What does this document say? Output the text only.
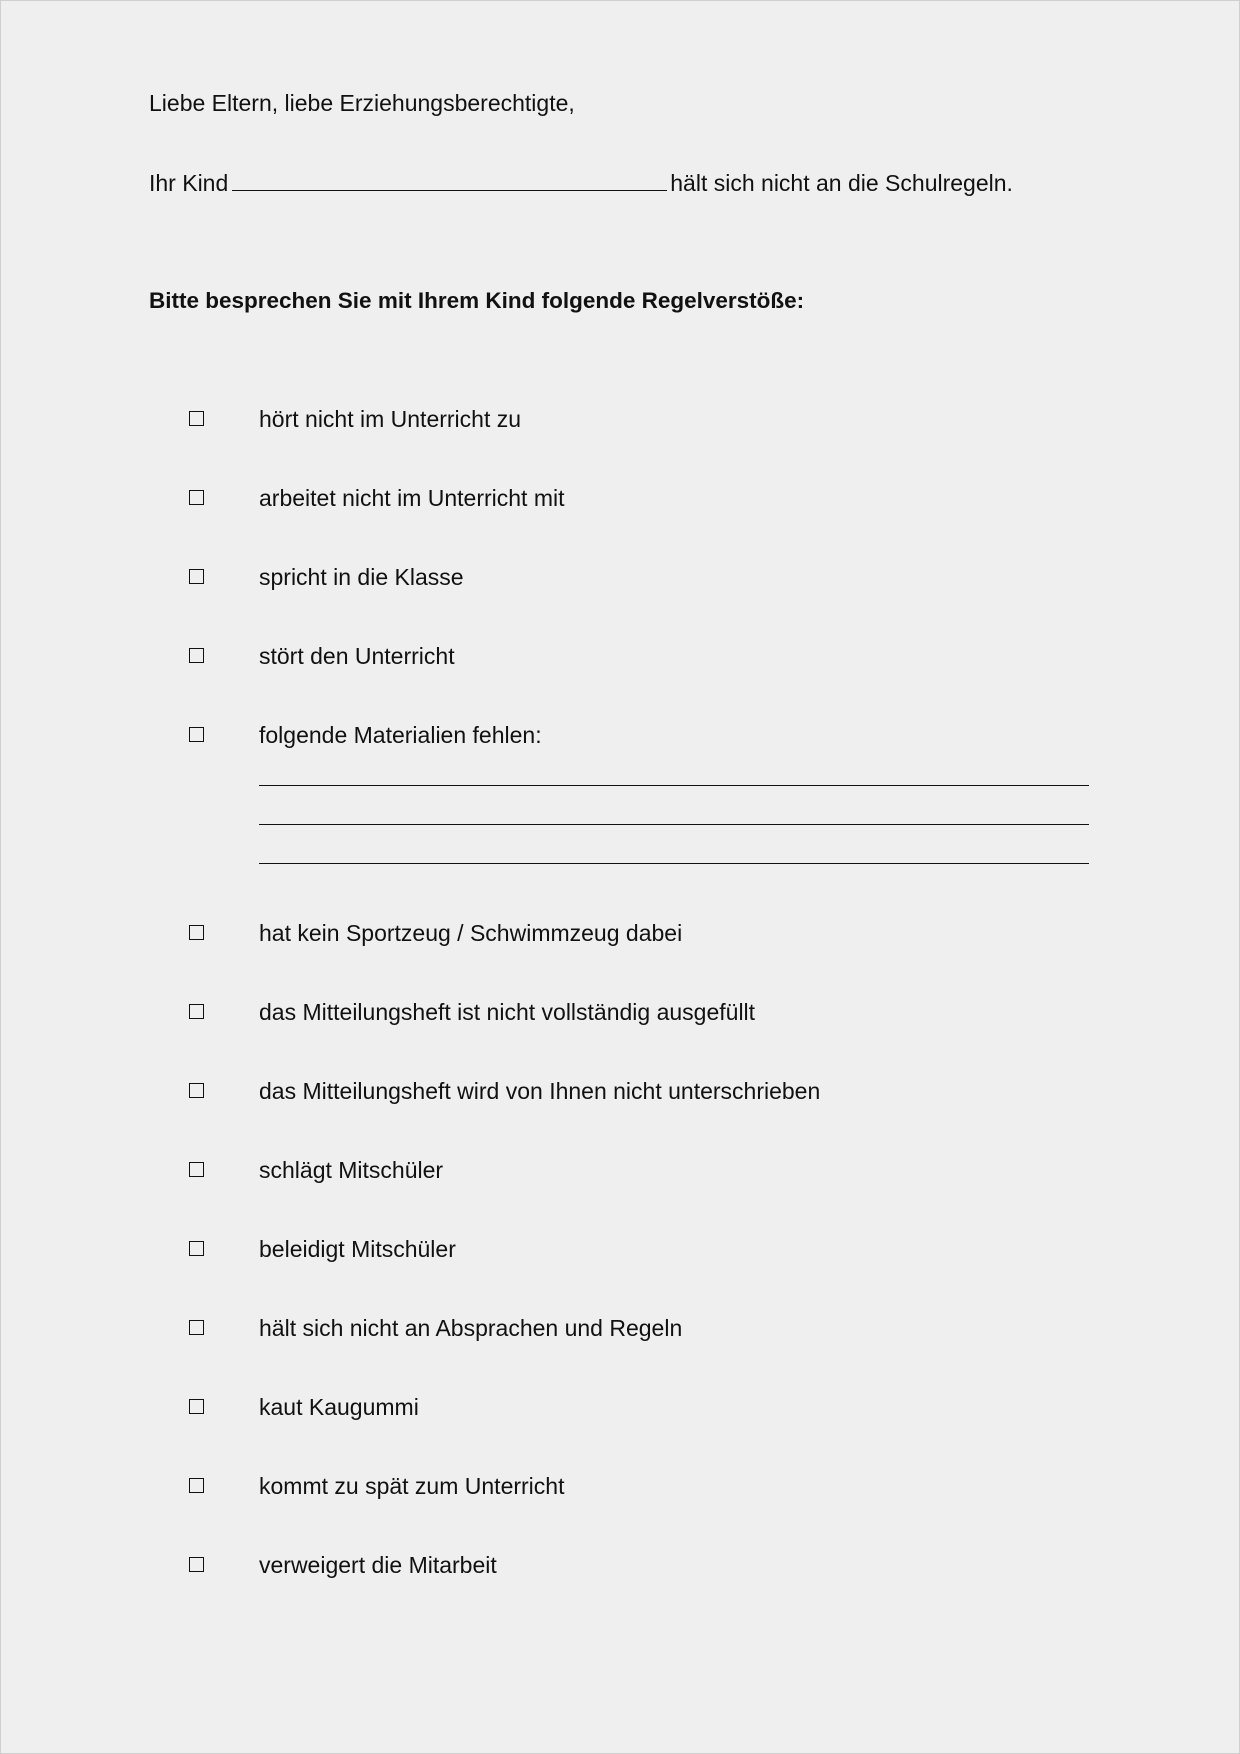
Liebe Eltern, liebe Erziehungsberechtigte,
Ihr Kind	hält sich nicht an die Schulregeln.
Bitte besprechen Sie mit Ihrem Kind folgende Regelverstöße:
hört nicht im Unterricht zu
arbeitet nicht im Unterricht mit
spricht in die Klasse
stört den Unterricht
folgende Materialien fehlen:
hat kein Sportzeug / Schwimmzeug dabei
das Mitteilungsheft ist nicht vollständig ausgefüllt
das Mitteilungsheft wird von Ihnen nicht unterschrieben
schlägt Mitschüler
beleidigt Mitschüler
hält sich nicht an Absprachen und Regeln
kaut Kaugummi
kommt zu spät zum Unterricht
verweigert die Mitarbeit
